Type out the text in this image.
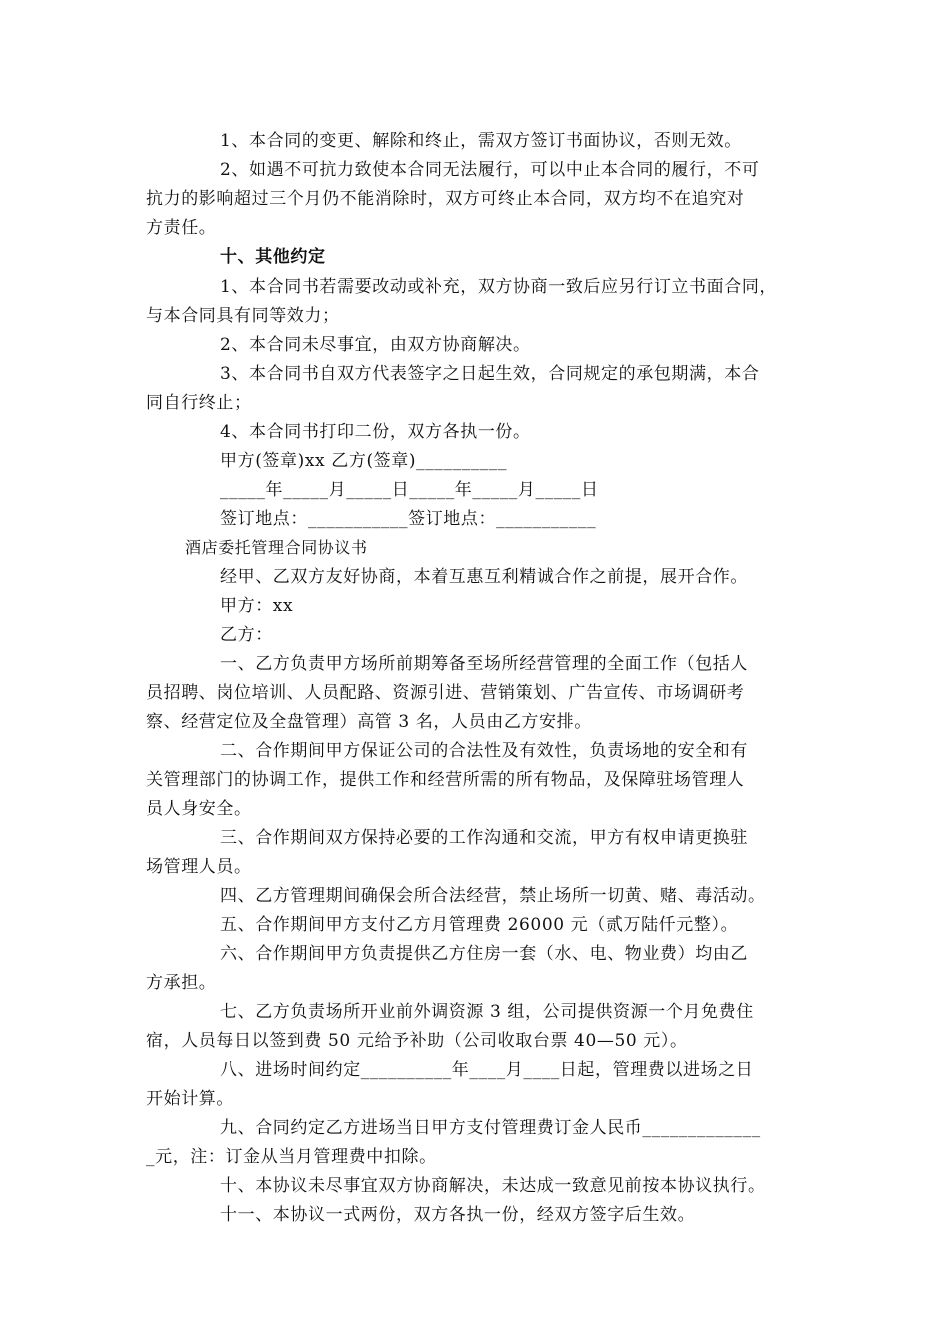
1、本合同的变更、解除和终止，需双方签订书面协议，否则无效。
2、如遇不可抗力致使本合同无法履行，可以中止本合同的履行，不可
抗力的影响超过三个月仍不能消除时，双方可终止本合同，双方均不在追究对
方责任。
十、其他约定
1、本合同书若需要改动或补充，双方协商一致后应另行订立书面合同，
与本合同具有同等效力；
2、本合同未尽事宜，由双方协商解决。
3、本合同书自双方代表签字之日起生效，合同规定的承包期满，本合
同自行终止；
4、本合同书打印二份，双方各执一份。
甲方(签章)xx 乙方(签章)__________
_____年_____月_____日_____年_____月_____日
签订地点：___________签订地点：___________
酒店委托管理合同协议书
经甲、乙双方友好协商，本着互惠互利精诚合作之前提，展开合作。
甲方：xx
乙方：
一、乙方负责甲方场所前期筹备至场所经营管理的全面工作（包括人
员招聘、岗位培训、人员配路、资源引进、营销策划、广告宣传、市场调研考
察、经营定位及全盘管理）高管 3 名，人员由乙方安排。
二、合作期间甲方保证公司的合法性及有效性，负责场地的安全和有
关管理部门的协调工作，提供工作和经营所需的所有物品，及保障驻场管理人
员人身安全。
三、合作期间双方保持必要的工作沟通和交流，甲方有权申请更换驻
场管理人员。
四、乙方管理期间确保会所合法经营，禁止场所一切黄、赌、毒活动。
五、合作期间甲方支付乙方月管理费 26000 元（贰万陆仟元整）。
六、合作期间甲方负责提供乙方住房一套（水、电、物业费）均由乙
方承担。
七、乙方负责场所开业前外调资源 3 组，公司提供资源一个月免费住
宿，人员每日以签到费 50 元给予补助（公司收取台票 40—50 元）。
八、进场时间约定__________年____月____日起，管理费以进场之日
开始计算。
九、合同约定乙方进场当日甲方支付管理费订金人民币_____________
_元，注：订金从当月管理费中扣除。
十、本协议未尽事宜双方协商解决，未达成一致意见前按本协议执行。
十一、本协议一式两份，双方各执一份，经双方签字后生效。
